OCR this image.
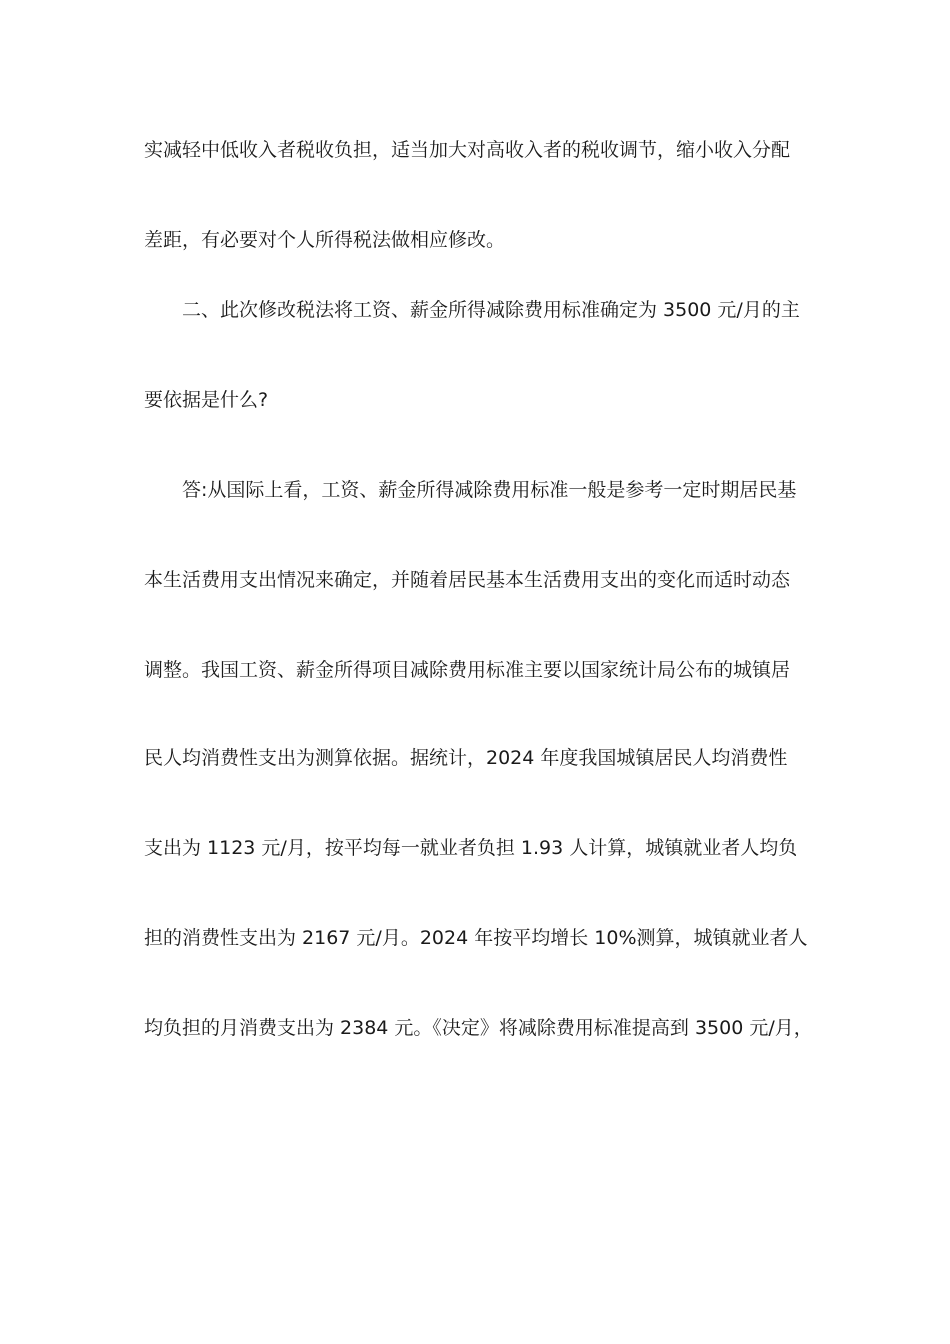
实减轻中低收入者税收负担，适当加大对高收入者的税收调节，缩小收入分配
差距，有必要对个人所得税法做相应修改。
二、此次修改税法将工资、薪金所得减除费用标准确定为 3500 元/月的主
要依据是什么?
答:从国际上看，工资、薪金所得减除费用标准一般是参考一定时期居民基
本生活费用支出情况来确定，并随着居民基本生活费用支出的变化而适时动态
调整。我国工资、薪金所得项目减除费用标准主要以国家统计局公布的城镇居
民人均消费性支出为测算依据。据统计，2024 年度我国城镇居民人均消费性
支出为 1123 元/月，按平均每一就业者负担 1.93 人计算，城镇就业者人均负
担的消费性支出为 2167 元/月。2024 年按平均增长 10%测算，城镇就业者人
均负担的月消费支出为 2384 元。《决定》将减除费用标准提高到 3500 元/月，
